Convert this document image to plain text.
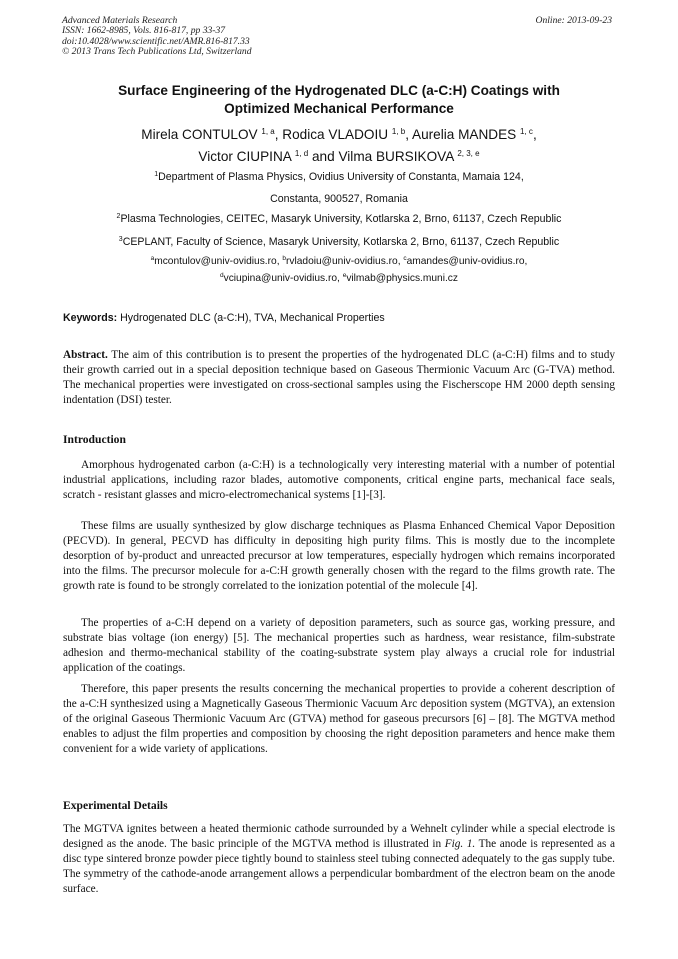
Advanced Materials Research
ISSN: 1662-8985, Vols. 816-817, pp 33-37
doi:10.4028/www.scientific.net/AMR.816-817.33
© 2013 Trans Tech Publications Ltd, Switzerland
Online: 2013-09-23
Surface Engineering of the Hydrogenated DLC (a-C:H) Coatings with
Optimized Mechanical Performance
Mirela CONTULOV $^{1, a}$, Rodica VLADOIU $^{1, b}$, Aurelia MANDES $^{1, c}$,
Victor CIUPINA $^{1, d}$ and Vilma BURSIKOVA $^{2, 3, e}$
$^1$Department of Plasma Physics, Ovidius University of Constanta, Mamaia 124,
Constanta, 900527, Romania
$^2$Plasma Technologies, CEITEC, Masaryk University, Kotlarska 2, Brno, 61137, Czech Republic
$^3$CEPLANT, Faculty of Science, Masaryk University, Kotlarska 2, Brno, 61137, Czech Republic
$^a$mcontulov@univ-ovidius.ro, $^b$rvladoiu@univ-ovidius.ro, $^c$amandes@univ-ovidius.ro,
$^d$vciupina@univ-ovidius.ro, $^e$vilmab@physics.muni.cz
Keywords: Hydrogenated DLC (a-C:H), TVA, Mechanical Properties

Abstract. The aim of this contribution is to present the properties of the hydrogenated DLC (a-C:H) films and to study their growth carried out in a special deposition technique based on Gaseous Thermionic Vacuum Arc (G-TVA) method. The mechanical properties were investigated on cross-sectional samples using the Fischerscope HM 2000 depth sensing indentation (DSI) tester.

Introduction

Amorphous hydrogenated carbon (a-C:H) is a technologically very interesting material with a number of potential industrial applications, including razor blades, automotive components, critical engine parts, mechanical face seals, scratch - resistant glasses and micro-electromechanical systems [1]-[3].

These films are usually synthesized by glow discharge techniques as Plasma Enhanced Chemical Vapor Deposition (PECVD). In general, PECVD has difficulty in depositing high purity films. This is mostly due to the incomplete desorption of by-product and unreacted precursor at low temperatures, especially hydrogen which remains incorporated into the films. The precursor molecule for a-C:H growth generally chosen with the regard to the films growth rate. The growth rate is found to be strongly correlated to the ionization potential of the molecule [4].

The properties of a-C:H depend on a variety of deposition parameters, such as source gas, working pressure, and substrate bias voltage (ion energy) [5]. The mechanical properties such as hardness, wear resistance, film-substrate adhesion and thermo-mechanical stability of the coating-substrate system play always a crucial role for industrial application of the coatings.

Therefore, this paper presents the results concerning the mechanical properties to provide a coherent description of the a-C:H synthesized using a Magnetically Gaseous Thermionic Vacuum Arc deposition system (MGTVA), an extension of the original Gaseous Thermionic Vacuum Arc (GTVA) method for gaseous precursors [6] – [8]. The MGTVA method enables to adjust the film properties and composition by choosing the right deposition parameters and hence make them convenient for a wide variety of applications.

Experimental Details

The MGTVA ignites between a heated thermionic cathode surrounded by a Wehnelt cylinder while a special electrode is designed as the anode. The basic principle of the MGTVA method is illustrated in Fig. 1. The anode is represented as a disc type sintered bronze powder piece tightly bound to stainless steel tubing connected adequately to the gas supply tube. The symmetry of the cathode-anode arrangement allows a perpendicular bombardment of the electron beam on the anode surface.
